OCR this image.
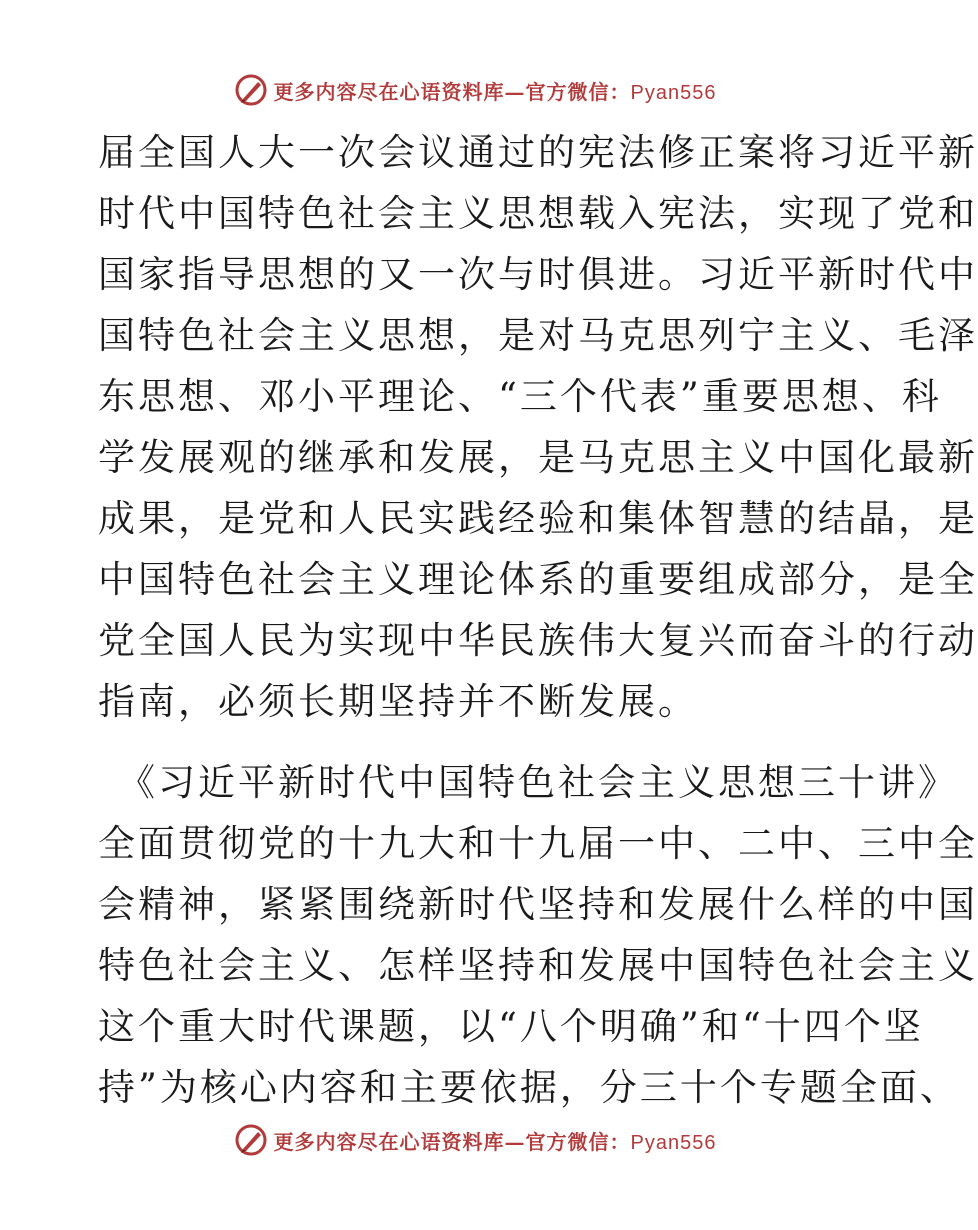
更多内容尽在心语资料库—官方微信：Pyan556
届全国人大一次会议通过的宪法修正案将习近平新
时代中国特色社会主义思想载入宪法，实现了党和
国家指导思想的又一次与时俱进。习近平新时代中
国特色社会主义思想，是对马克思列宁主义、毛泽
东思想、邓小平理论、“三个代表”重要思想、科
学发展观的继承和发展，是马克思主义中国化最新
成果，是党和人民实践经验和集体智慧的结晶，是
中国特色社会主义理论体系的重要组成部分，是全
党全国人民为实现中华民族伟大复兴而奋斗的行动
指南，必须长期坚持并不断发展。
《习近平新时代中国特色社会主义思想三十讲》
全面贯彻党的十九大和十九届一中、二中、三中全
会精神，紧紧围绕新时代坚持和发展什么样的中国
特色社会主义、怎样坚持和发展中国特色社会主义
这个重大时代课题，以“八个明确”和“十四个坚
持”为核心内容和主要依据，分三十个专题全面、
更多内容尽在心语资料库—官方微信：Pyan556
